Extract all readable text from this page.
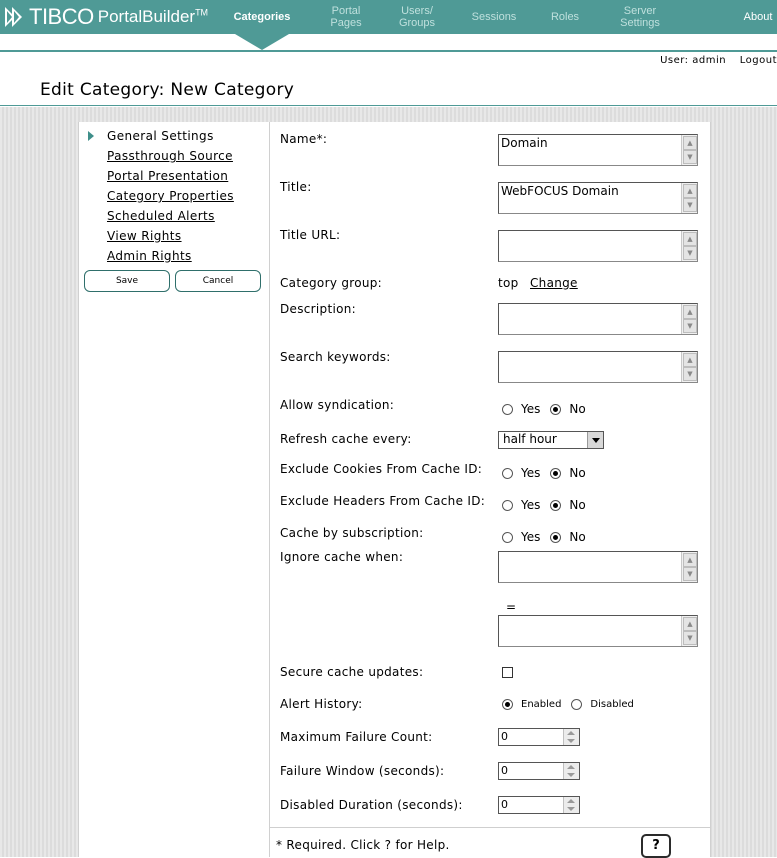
TIBCO PortalBuilder™	Categories	Portal
Pages
Users/
Groups	Sessions	Roles	Server
Settings	About
User: admin Logout
Edit Category: New Category
General Settings
Passthrough Source
Portal Presentation
Category Properties
Scheduled Alerts
View Rights
Admin Rights
Save	Cancel
Name*:	Domain	▲
▼
Title:	WebFOCUS Domain	▲
▼
Title URL:	▲
▼
Category group:	top Change
Description:	▲
▼
Search keywords:	▲
▼
Allow syndication:	Yes No
Refresh cache every:	half hour
Exclude Cookies From Cache ID:	Yes No
Exclude Headers From Cache ID:	Yes No
Cache by subscription:	Yes No
Ignore cache when:	▲
▼
=
▲
▼
Secure cache updates:
Alert History:	Enabled	Disabled
Maximum Failure Count:	0
Failure Window (seconds):	0
Disabled Duration (seconds):	0
* Required. Click ? for Help.	?
